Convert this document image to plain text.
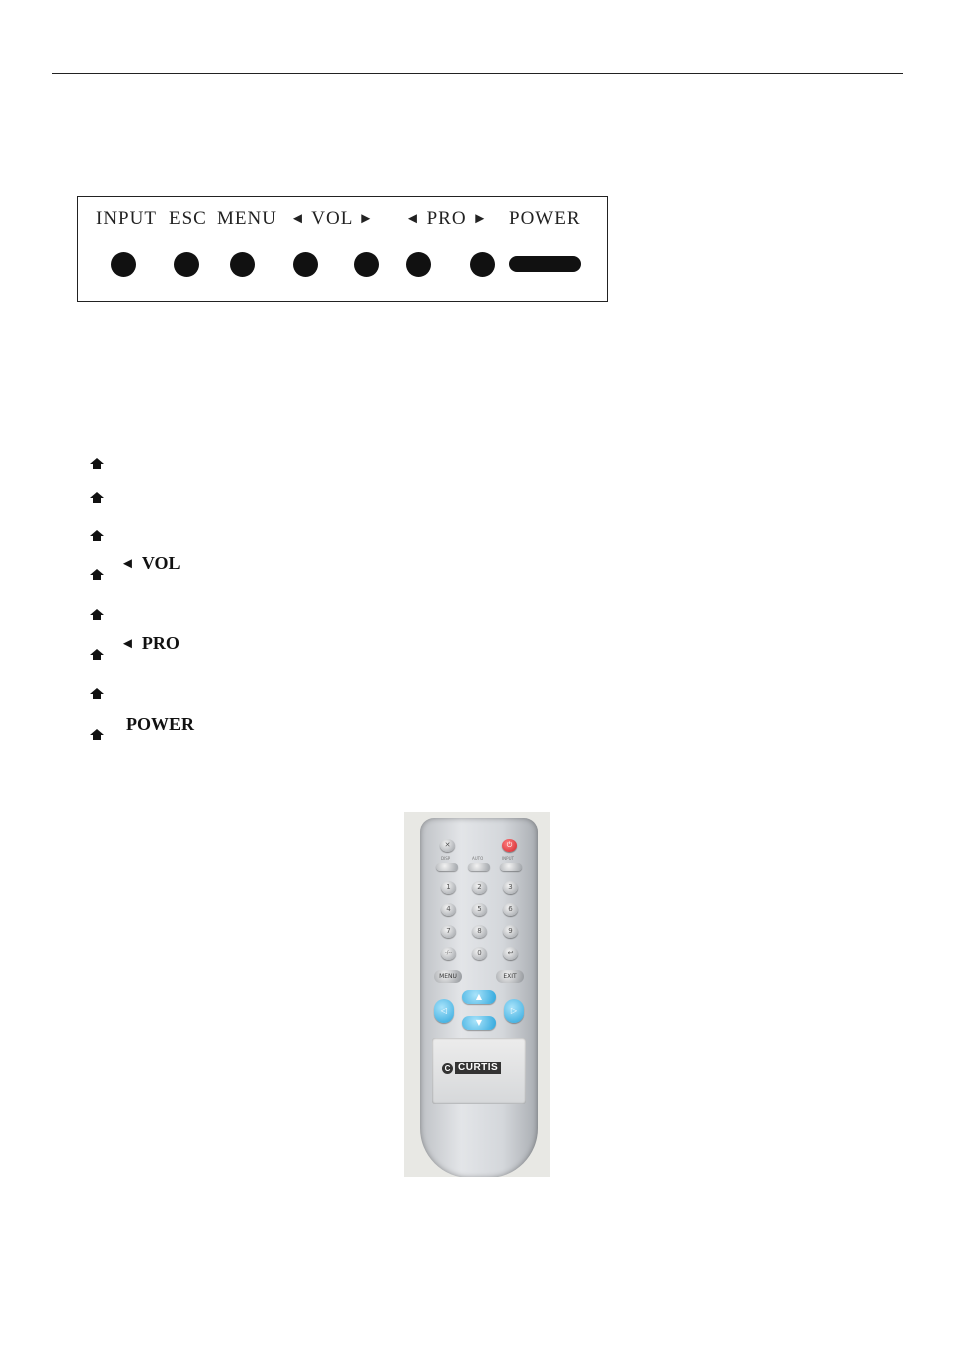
INPUT ESC MENU ◄ VOL ► ◄ PRO ► POWER
◄ VOL
◄ PRO
POWER
✕	⏻
DISP	AUTO	INPUT
1	2	3
4	5	6
7	8	9
-/--	0	↩
MENU	EXIT
▲
▼
◁	▷
C CURTIS
